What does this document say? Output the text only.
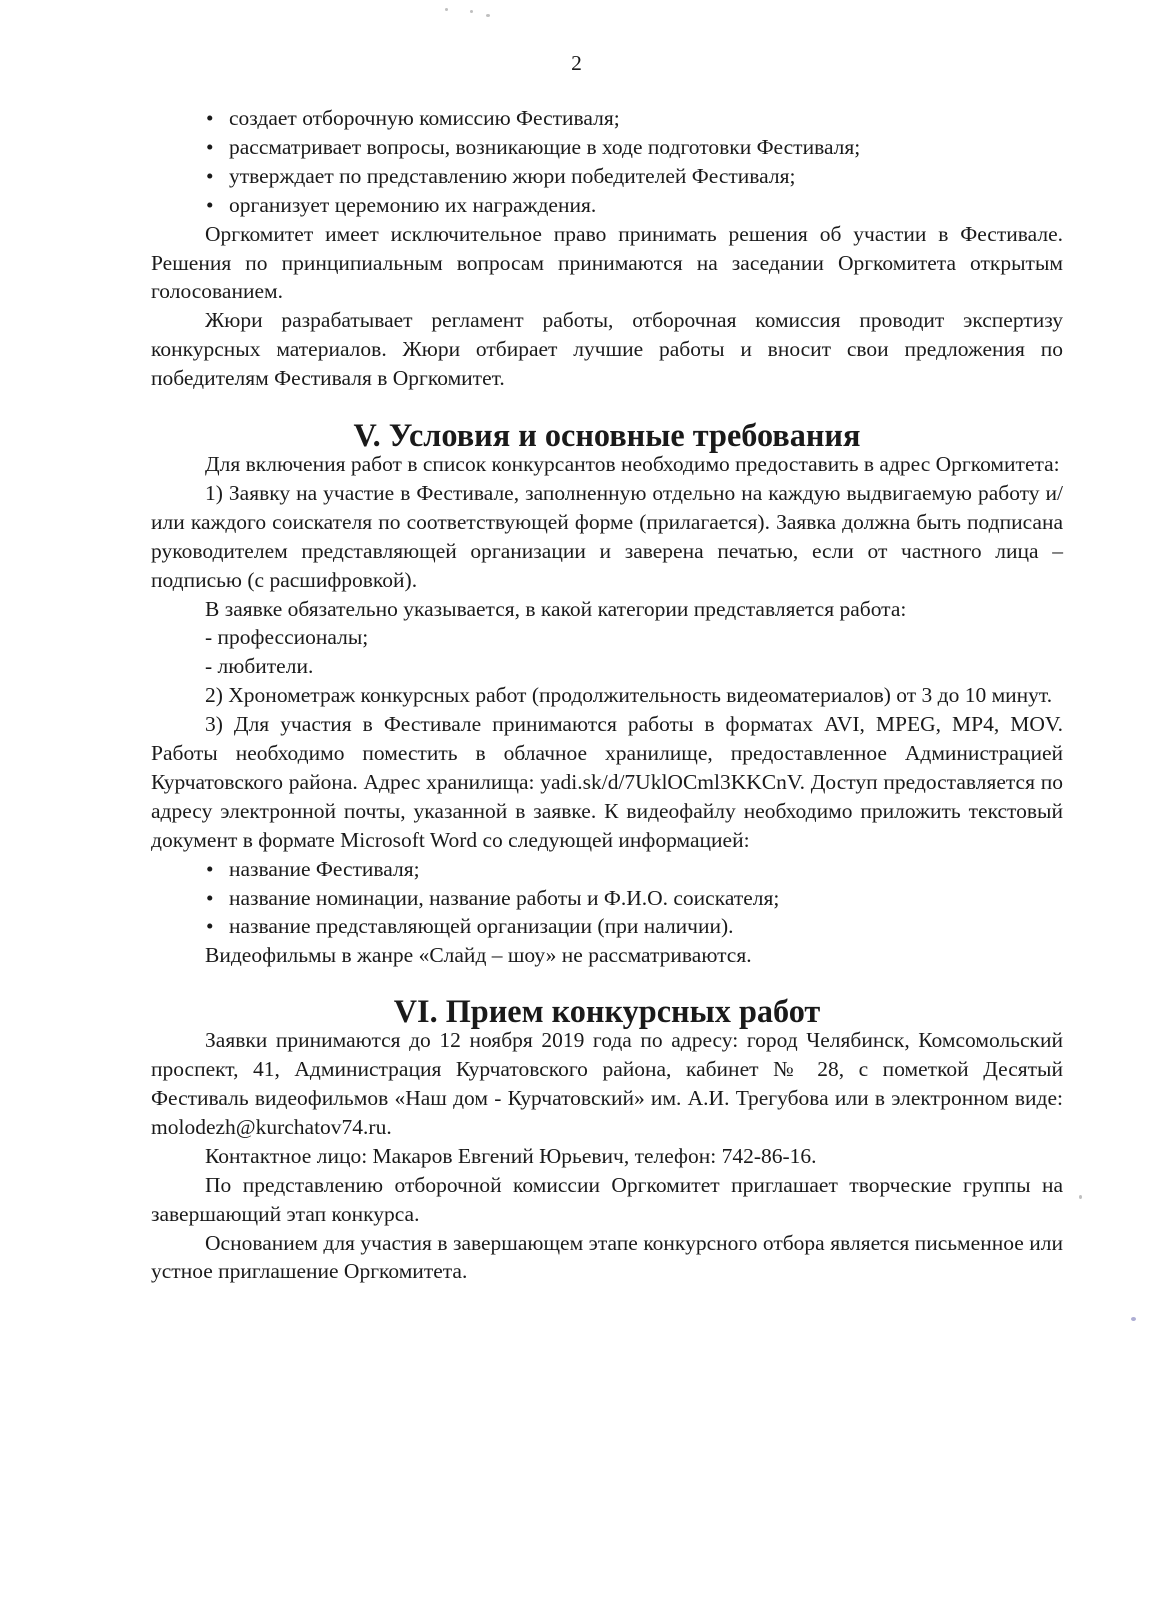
2
• создает отборочную комиссию Фестиваля;
• рассматривает вопросы, возникающие в ходе подготовки Фестиваля;
• утверждает по представлению жюри победителей Фестиваля;
• организует церемонию их награждения.

Оргкомитет имеет исключительное право принимать решения об участии в Фестивале. Решения по принципиальным вопросам принимаются на заседании Оргкомитета открытым голосованием.

Жюри разрабатывает регламент работы, отборочная комиссия проводит экспертизу конкурсных материалов. Жюри отбирает лучшие работы и вносит свои предложения по победителям Фестиваля в Оргкомитет.

V. Условия и основные требования

Для включения работ в список конкурсантов необходимо предоставить в адрес Оргкомитета:

1) Заявку на участие в Фестивале, заполненную отдельно на каждую выдвигаемую работу и/или каждого соискателя по соответствующей форме (прилагается). Заявка должна быть подписана руководителем представляющей организации и заверена печатью, если от частного лица – подписью (с расшифровкой).

В заявке обязательно указывается, в какой категории представляется работа:

- профессионалы;

- любители.

2) Хронометраж конкурсных работ (продолжительность видеоматериалов) от 3 до 10 минут.

3) Для участия в Фестивале принимаются работы в форматах AVI, MPEG, MP4, MOV. Работы необходимо поместить в облачное хранилище, предоставленное Администрацией Курчатовского района. Адрес хранилища: yadi.sk/d/7UklOCml3KKCnV. Доступ предоставляется по адресу электронной почты, указанной в заявке. К видеофайлу необходимо приложить текстовый документ в формате Microsoft Word со следующей информацией:

• название Фестиваля;
• название номинации, название работы и Ф.И.О. соискателя;
• название представляющей организации (при наличии).

Видеофильмы в жанре «Слайд – шоу» не рассматриваются.

VI. Прием конкурсных работ

Заявки принимаются до 12 ноября 2019 года по адресу: город Челябинск, Комсомольский проспект, 41, Администрация Курчатовского района, кабинет № 28, с пометкой Десятый Фестиваль видеофильмов «Наш дом - Курчатовский» им. А.И. Трегубова или в электронном виде: molodezh@kurchatov74.ru.

Контактное лицо: Макаров Евгений Юрьевич, телефон: 742-86-16.

По представлению отборочной комиссии Оргкомитет приглашает творческие группы на завершающий этап конкурса.

Основанием для участия в завершающем этапе конкурсного отбора является письменное или устное приглашение Оргкомитета.
